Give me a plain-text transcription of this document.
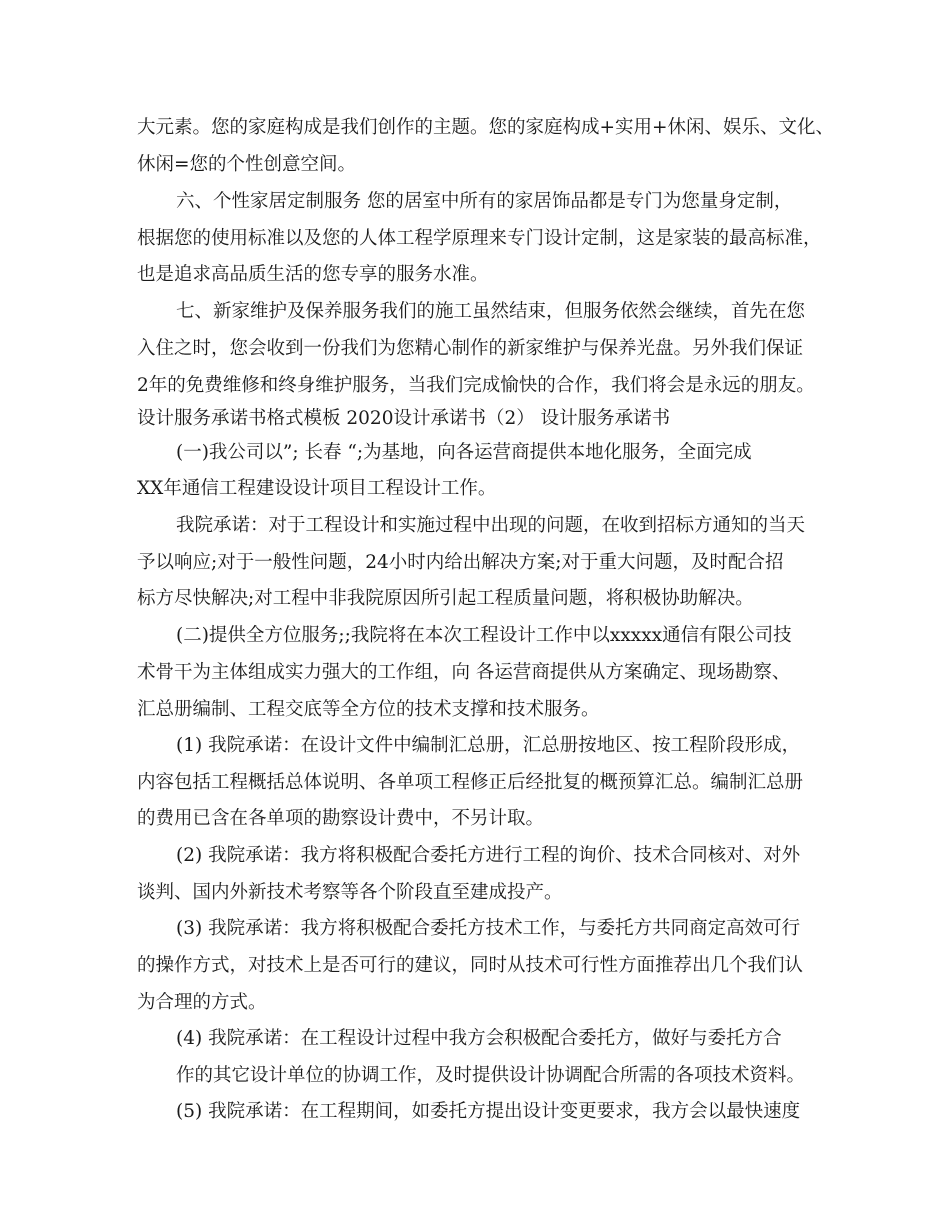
大元素。您的家庭构成是我们创作的主题。您的家庭构成+实用+休闲、娱乐、文化、
休闲=您的个性创意空间。
六、个性家居定制服务 您的居室中所有的家居饰品都是专门为您量身定制，
根据您的使用标准以及您的人体工程学原理来专门设计定制，这是家装的最高标准，
也是追求高品质生活的您专享的服务水准。
七、新家维护及保养服务我们的施工虽然结束，但服务依然会继续，首先在您
入住之时，您会收到一份我们为您精心制作的新家维护与保养光盘。另外我们保证
2年的免费维修和终身维护服务，当我们完成愉快的合作，我们将会是永远的朋友。
设计服务承诺书格式模板 2020设计承诺书（2） 设计服务承诺书
(一)我公司以”; 长春 “;为基地，向各运营商提供本地化服务，全面完成
XX年通信工程建设设计项目工程设计工作。
我院承诺：对于工程设计和实施过程中出现的问题，在收到招标方通知的当天
予以响应;对于一般性问题，24小时内给出解决方案;对于重大问题，及时配合招
标方尽快解决;对工程中非我院原因所引起工程质量问题，将积极协助解决。
(二)提供全方位服务;;我院将在本次工程设计工作中以xxxxx通信有限公司技
术骨干为主体组成实力强大的工作组，向 各运营商提供从方案确定、现场勘察、
汇总册编制、工程交底等全方位的技术支撑和技术服务。
(1) 我院承诺：在设计文件中编制汇总册，汇总册按地区、按工程阶段形成，
内容包括工程概括总体说明、各单项工程修正后经批复的概预算汇总。编制汇总册
的费用已含在各单项的勘察设计费中，不另计取。
(2) 我院承诺：我方将积极配合委托方进行工程的询价、技术合同核对、对外
谈判、国内外新技术考察等各个阶段直至建成投产。
(3) 我院承诺：我方将积极配合委托方技术工作，与委托方共同商定高效可行
的操作方式，对技术上是否可行的建议，同时从技术可行性方面推荐出几个我们认
为合理的方式。
(4) 我院承诺：在工程设计过程中我方会积极配合委托方，做好与委托方合
作的其它设计单位的协调工作，及时提供设计协调配合所需的各项技术资料。
(5) 我院承诺：在工程期间，如委托方提出设计变更要求，我方会以最快速度
